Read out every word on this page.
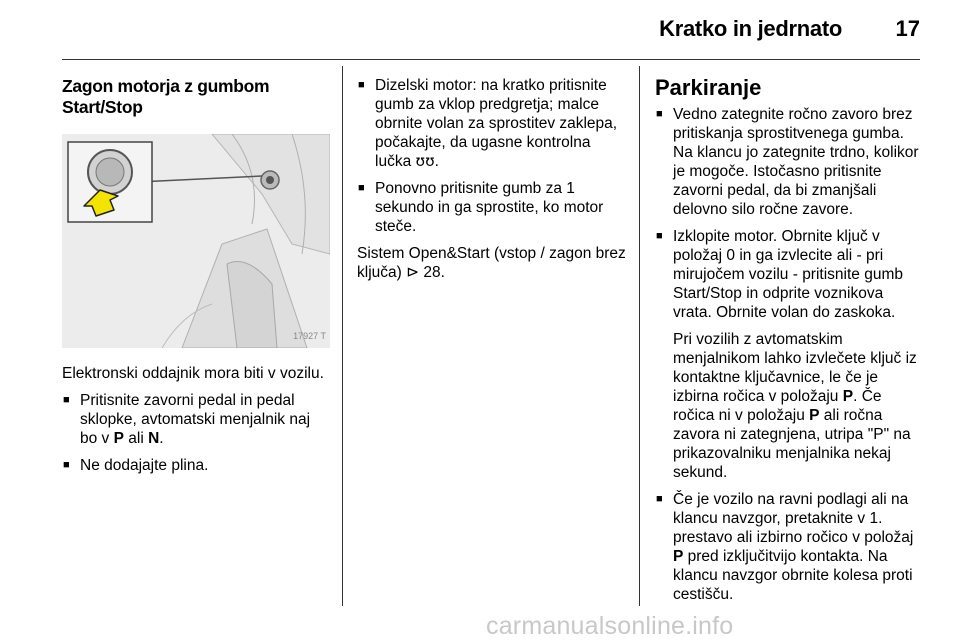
Kratko in jedrnato 17
Zagon motorja z gumbom Start/Stop
17927 T
Elektronski oddajnik mora biti v vozilu.
■ Pritisnite zavorni pedal in pedal sklopke, avtomatski menjalnik naj bo v P ali N.
■ Ne dodajajte plina.
■ Dizelski motor: na kratko pritisnite gumb za vklop predgretja; malce obrnite volan za sprostitev zaklepa, počakajte, da ugasne kontrolna lučka ʊʊ.
■ Ponovno pritisnite gumb za 1 sekundo in ga sprostite, ko motor steče.
Sistem Open&Start (vstop / zagon brez ključa) ⊳ 28.
Parkiranje
■ Vedno zategnite ročno zavoro brez pritiskanja sprostitvenega gumba. Na klancu jo zategnite trdno, kolikor je mogoče. Istočasno pritisnite zavorni pedal, da bi zmanjšali delovno silo ročne zavore.
■ Izklopite motor. Obrnite ključ v položaj 0 in ga izvlecite ali - pri mirujočem vozilu - pritisnite gumb Start/Stop in odprite voznikova vrata. Obrnite volan do zaskoka.
Pri vozilih z avtomatskim menjalnikom lahko izvlečete ključ iz kontaktne ključavnice, le če je izbirna ročica v položaju P. Če ročica ni v položaju P ali ročna zavora ni zategnjena, utripa "P" na prikazovalniku menjalnika nekaj sekund.
■ Če je vozilo na ravni podlagi ali na klancu navzgor, pretaknite v 1. prestavo ali izbirno ročico v položaj P pred izključitvijo kontakta. Na klancu navzgor obrnite kolesa proti cestišču.
carmanualsonline.info
